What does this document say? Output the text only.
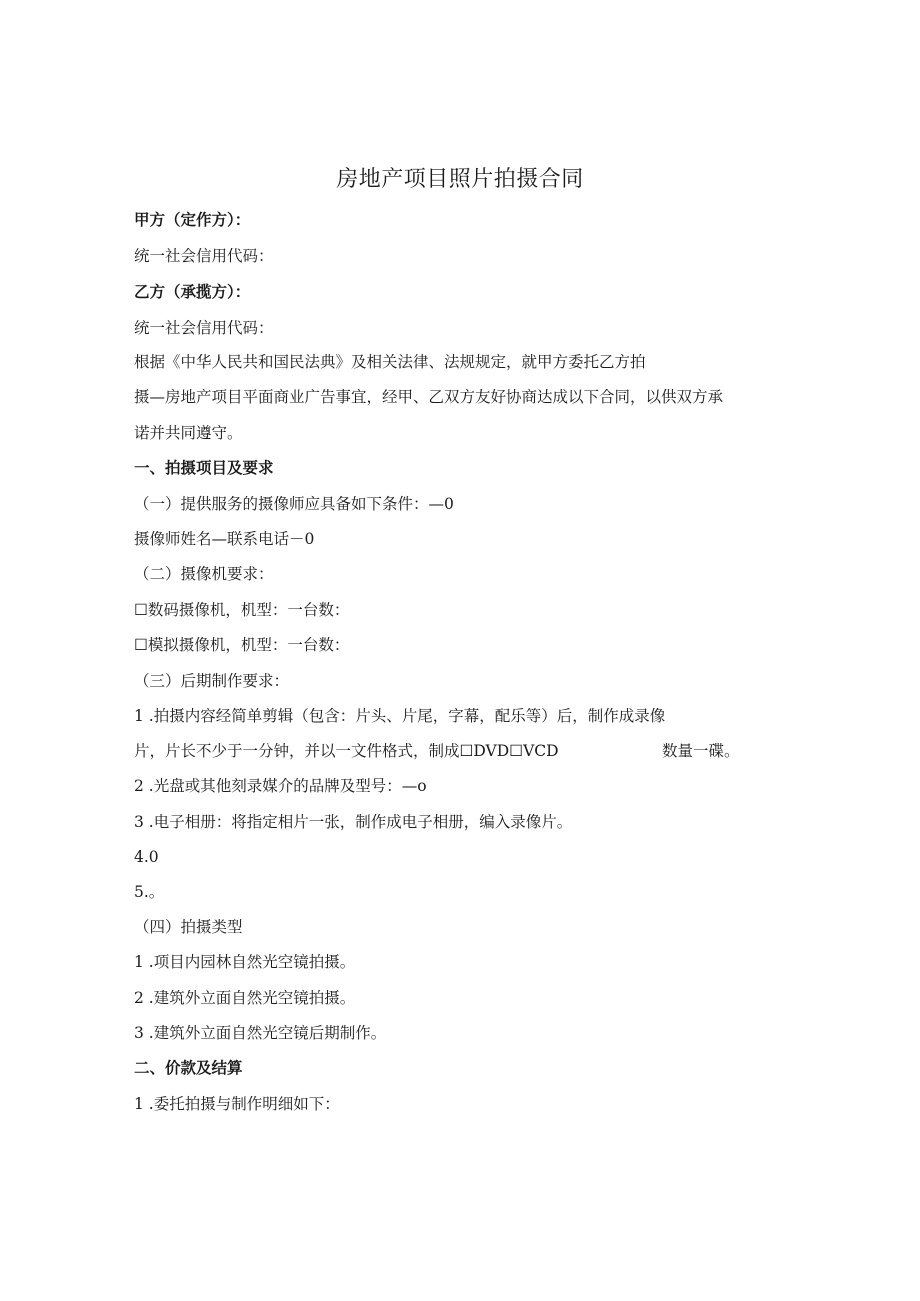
房地产项目照片拍摄合同
甲方（定作方）：
统一社会信用代码：
乙方（承揽方）：
统一社会信用代码：
根据《中华人民共和国民法典》及相关法律、法规规定，就甲方委托乙方拍
摄—房地产项目平面商业广告事宜，经甲、乙双方友好协商达成以下合同，以供双方承
诺并共同遵守。
一、拍摄项目及要求
（一）提供服务的摄像师应具备如下条件：—0
摄像师姓名—联系电话－0
（二）摄像机要求：
☐数码摄像机，机型：一台数：
☐模拟摄像机，机型：一台数：
（三）后期制作要求：
1 .拍摄内容经简单剪辑（包含：片头、片尾，字幕，配乐等）后，制作成录像
片，片长不少于一分钟，并以一文件格式，制成☐DVD☐VCD	数量一碟。
2 .光盘或其他刻录媒介的品牌及型号：—o
3 .电子相册：将指定相片一张，制作成电子相册，编入录像片。
4.0
5.。
（四）拍摄类型
1 .项目内园林自然光空镜拍摄。
2 .建筑外立面自然光空镜拍摄。
3 .建筑外立面自然光空镜后期制作。
二、价款及结算
1 .委托拍摄与制作明细如下：
